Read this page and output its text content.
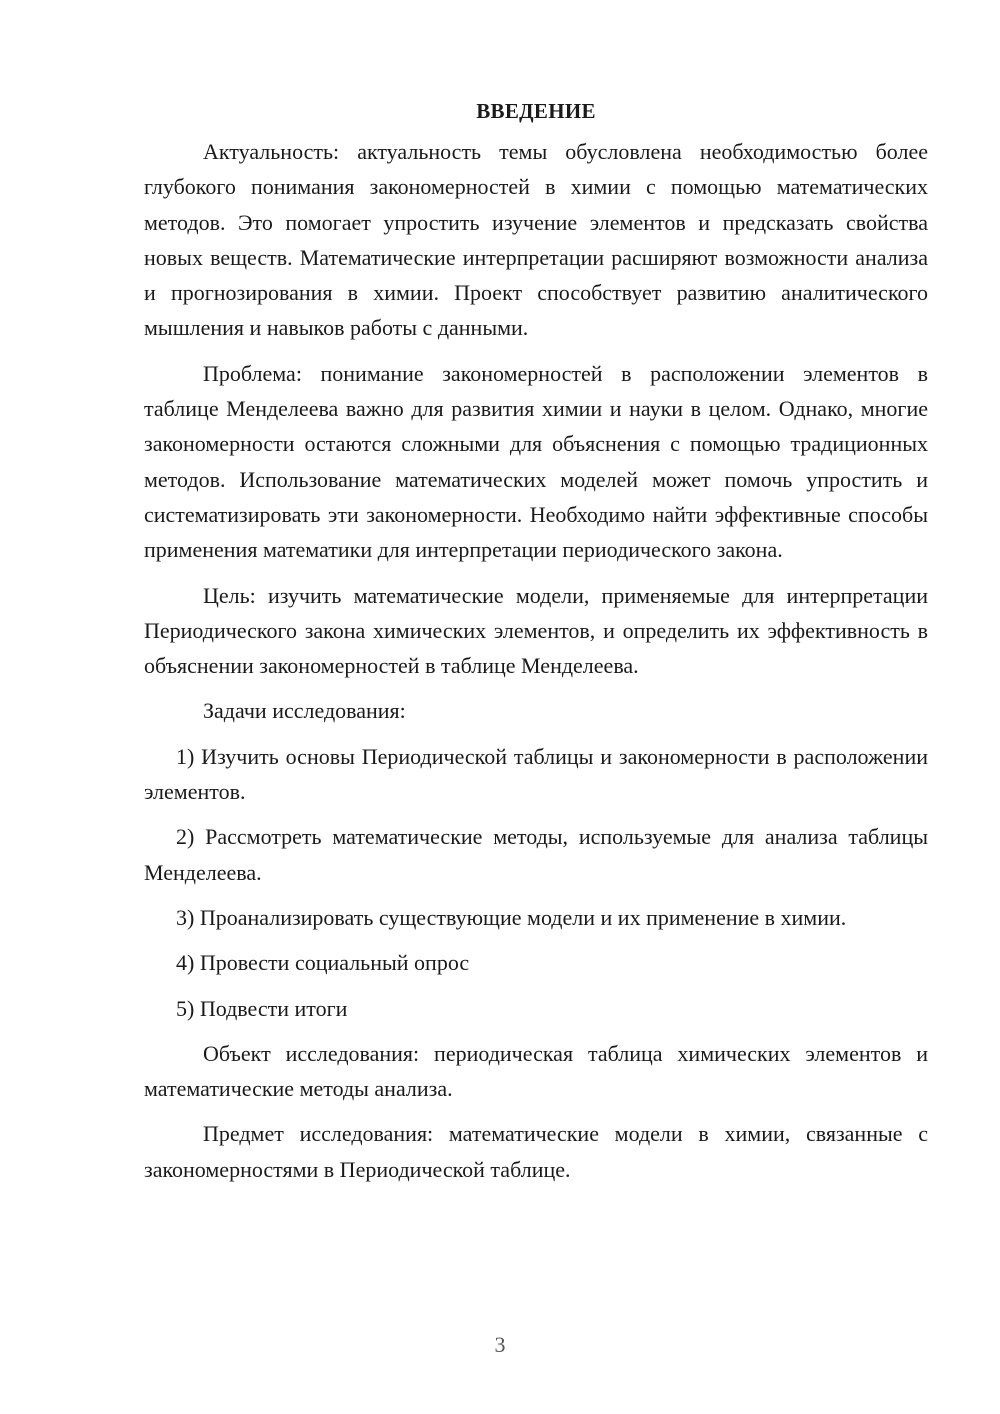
ВВЕДЕНИЕ

Актуальность: актуальность темы обусловлена необходимостью более глубокого понимания закономерностей в химии с помощью математических методов. Это помогает упростить изучение элементов и предсказать свойства новых веществ. Математические интерпретации расширяют возможности анализа и прогнозирования в химии. Проект способствует развитию аналитического мышления и навыков работы с данными.

Проблема: понимание закономерностей в расположении элементов в таблице Менделеева важно для развития химии и науки в целом. Однако, многие закономерности остаются сложными для объяснения с помощью традиционных методов. Использование математических моделей может помочь упростить и систематизировать эти закономерности. Необходимо найти эффективные способы применения математики для интерпретации периодического закона.

Цель: изучить математические модели, применяемые для интерпретации Периодического закона химических элементов, и определить их эффективность в объяснении закономерностей в таблице Менделеева.

Задачи исследования:

1) Изучить основы Периодической таблицы и закономерности в расположении элементов.

2) Рассмотреть математические методы, используемые для анализа таблицы Менделеева.

3) Проанализировать существующие модели и их применение в химии.

4) Провести социальный опрос

5) Подвести итоги

Объект исследования: периодическая таблица химических элементов и математические методы анализа.

Предмет исследования: математические модели в химии, связанные с закономерностями в Периодической таблице.

3
